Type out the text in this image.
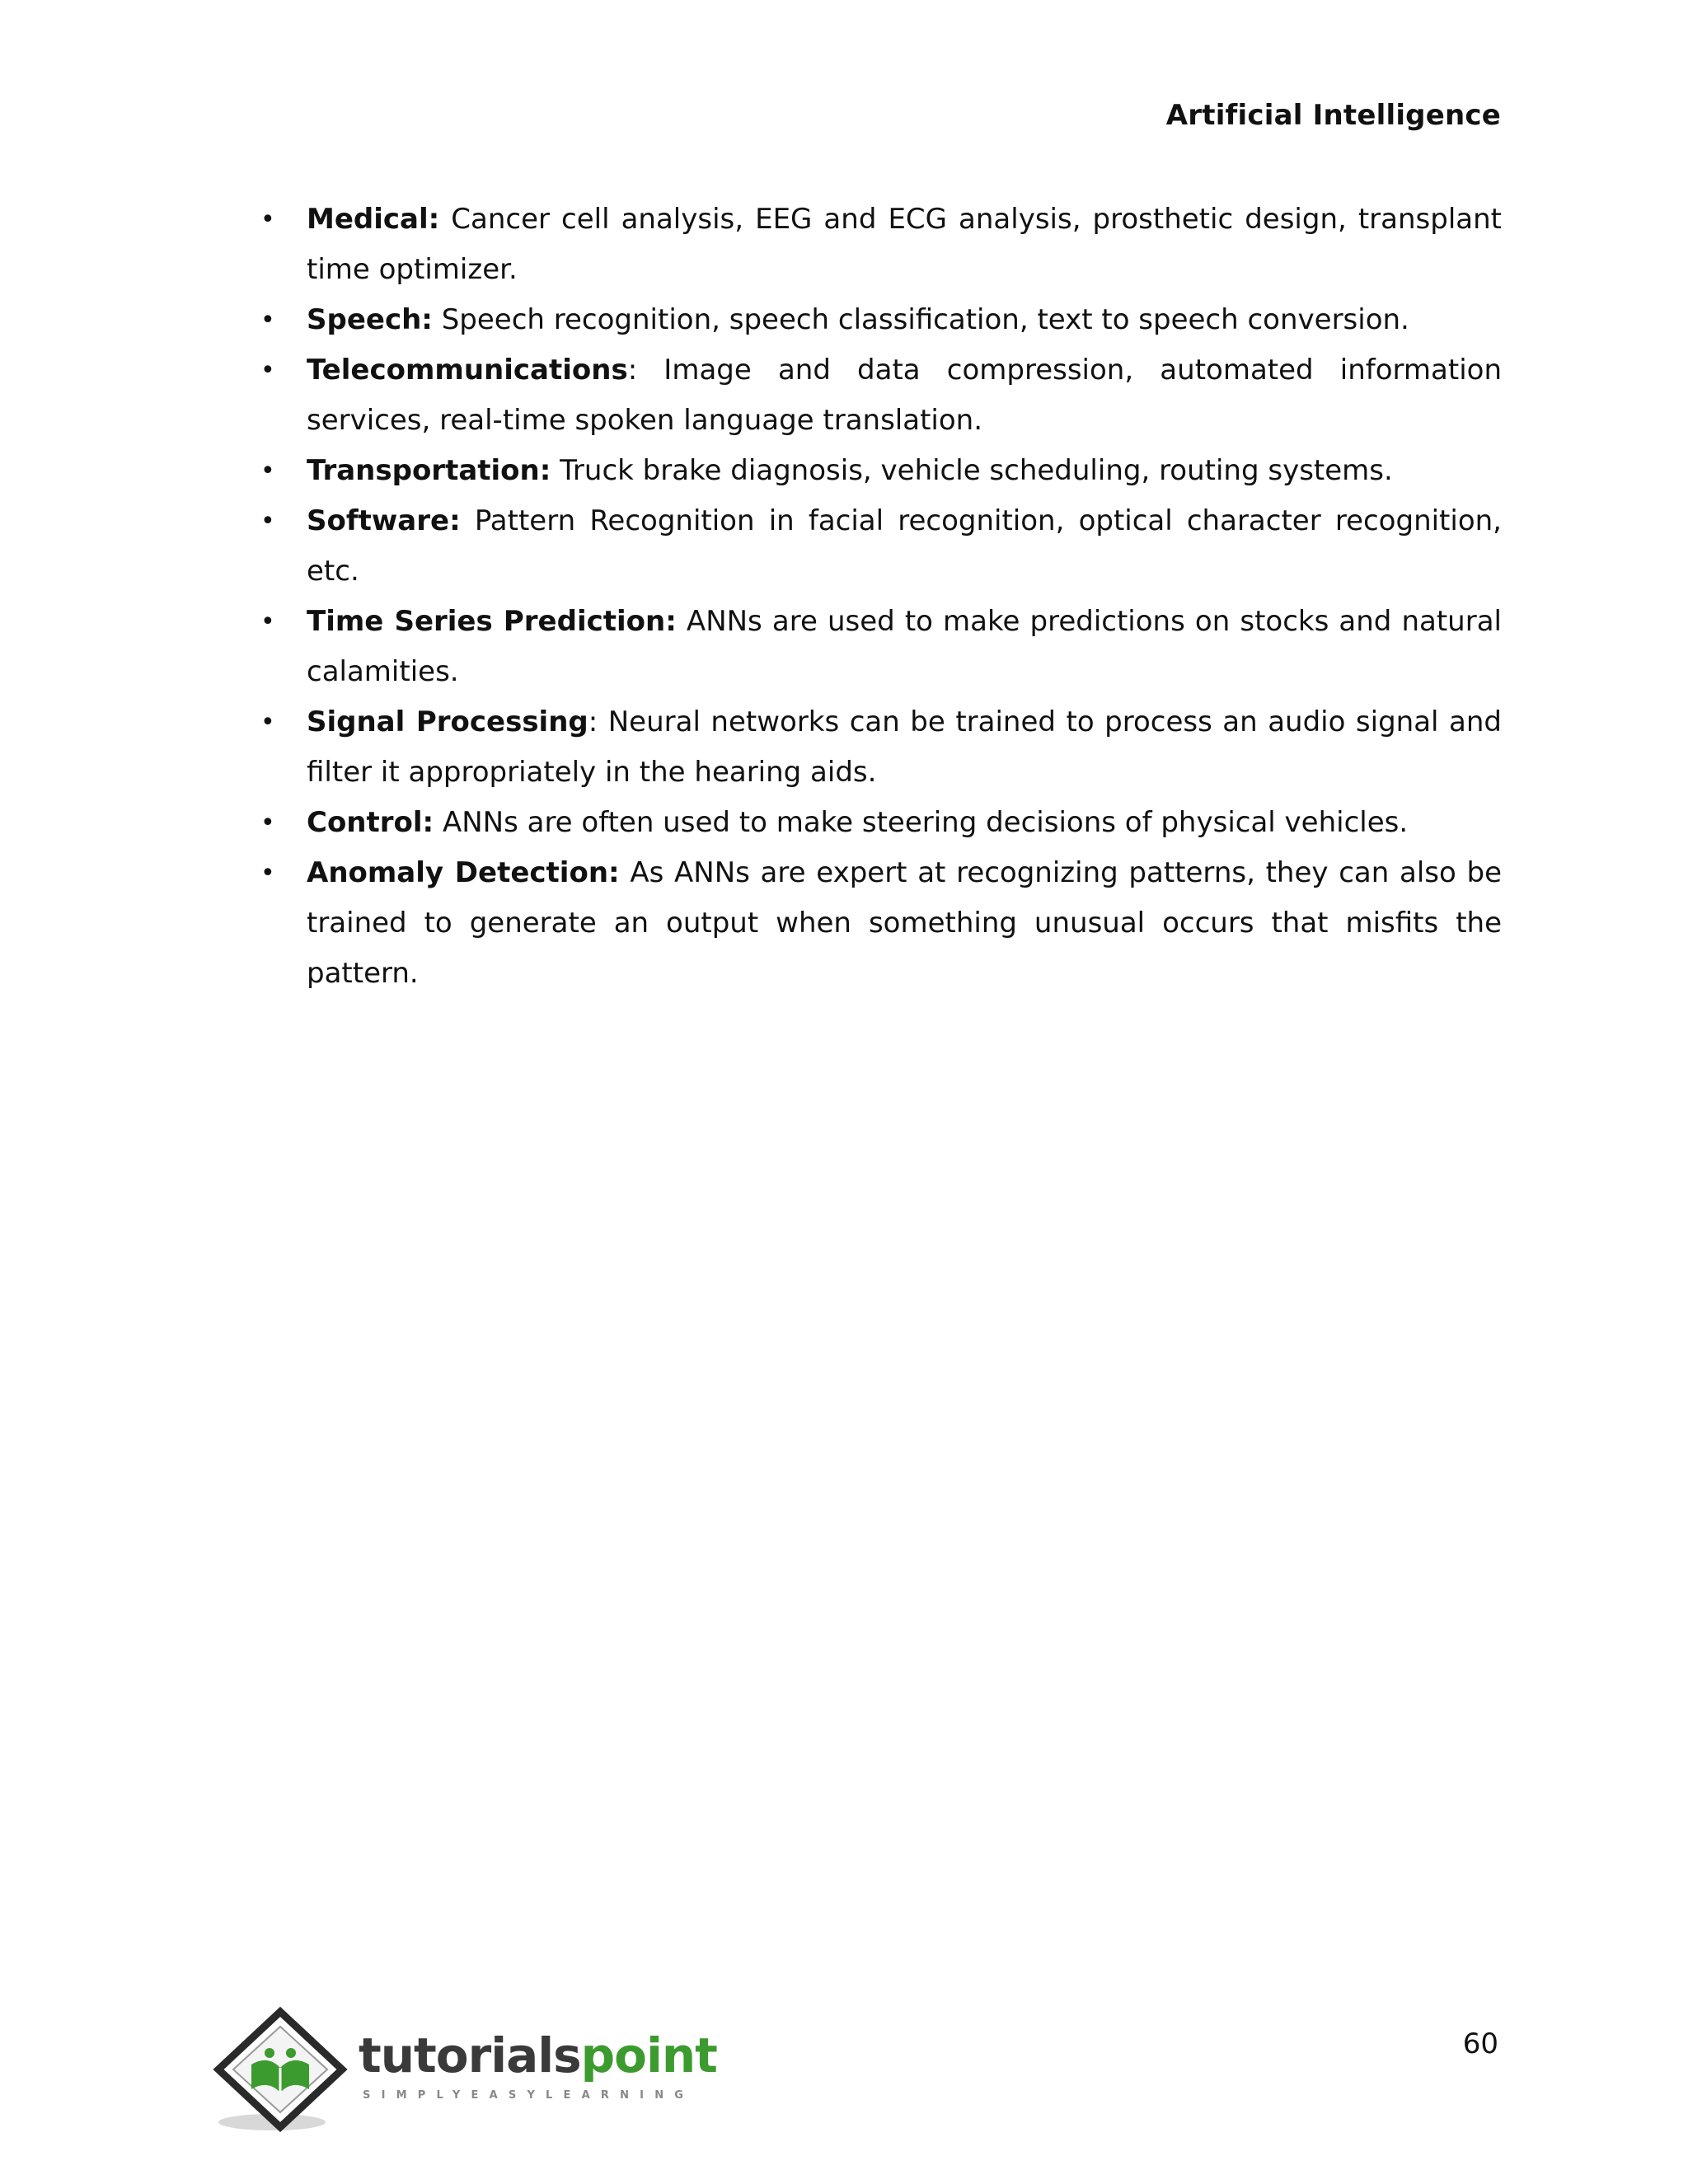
Artificial Intelligence
• Medical: Cancer cell analysis, EEG and ECG analysis, prosthetic design, transplant time optimizer.
• Speech: Speech recognition, speech classification, text to speech conversion.
• Telecommunications: Image and data compression, automated information services, real-time spoken language translation.
• Transportation: Truck brake diagnosis, vehicle scheduling, routing systems.
• Software: Pattern Recognition in facial recognition, optical character recognition, etc.
• Time Series Prediction: ANNs are used to make predictions on stocks and natural calamities.
• Signal Processing: Neural networks can be trained to process an audio signal and filter it appropriately in the hearing aids.
• Control: ANNs are often used to make steering decisions of physical vehicles.
• Anomaly Detection: As ANNs are expert at recognizing patterns, they can also be trained to generate an output when something unusual occurs that misfits the pattern.
tutorialspoint
SIMPLYEASYLEARNING
60
